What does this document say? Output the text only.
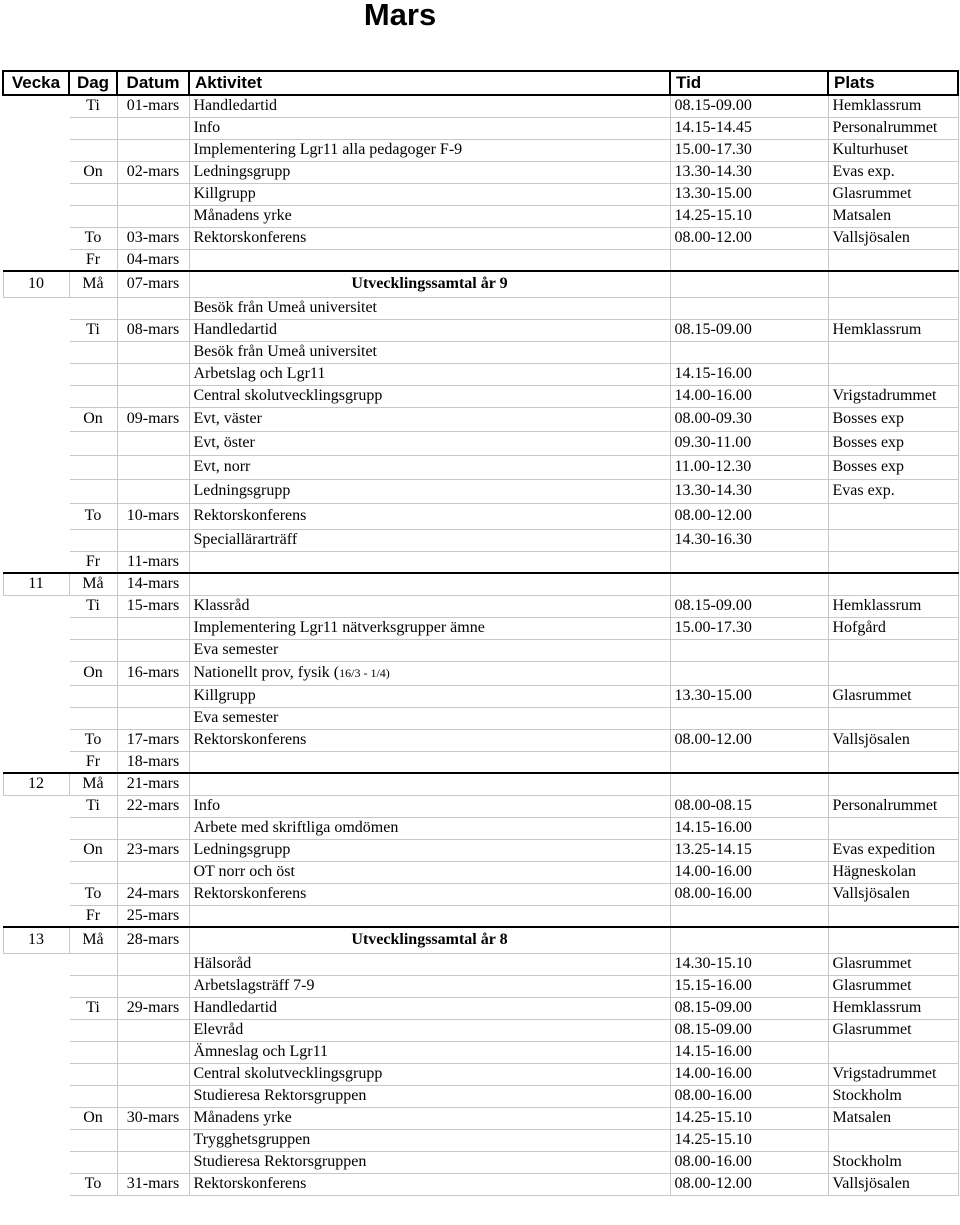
Mars
Vecka	Dag	Datum	Aktivitet	Tid	Plats
	Ti	01-mars	Handledartid	08.15-09.00	Hemklassrum
			Info	14.15-14.45	Personalrummet
			Implementering Lgr11 alla pedagoger F-9	15.00-17.30	Kulturhuset
	On	02-mars	Ledningsgrupp	13.30-14.30	Evas exp.
			Killgrupp	13.30-15.00	Glasrummet
			Månadens yrke	14.25-15.10	Matsalen
	To	03-mars	Rektorskonferens	08.00-12.00	Vallsjösalen
	Fr	04-mars			
10	Må	07-mars	Utvecklingssamtal år 9		
			Besök från Umeå universitet		
	Ti	08-mars	Handledartid	08.15-09.00	Hemklassrum
			Besök från Umeå universitet		
			Arbetslag och Lgr11	14.15-16.00	
			Central skolutvecklingsgrupp	14.00-16.00	Vrigstadrummet
	On	09-mars	Evt, väster	08.00-09.30	Bosses exp
			Evt, öster	09.30-11.00	Bosses exp
			Evt, norr	11.00-12.30	Bosses exp
			Ledningsgrupp	13.30-14.30	Evas exp.
	To	10-mars	Rektorskonferens	08.00-12.00	
			Speciallärarträff	14.30-16.30	
	Fr	11-mars			
11	Må	14-mars			
	Ti	15-mars	Klassråd	08.15-09.00	Hemklassrum
			Implementering Lgr11 nätverksgrupper ämne	15.00-17.30	Hofgård
			Eva semester		
	On	16-mars	Nationellt prov, fysik (16/3 - 1/4)		
			Killgrupp	13.30-15.00	Glasrummet
			Eva semester		
	To	17-mars	Rektorskonferens	08.00-12.00	Vallsjösalen
	Fr	18-mars			
12	Må	21-mars			
	Ti	22-mars	Info	08.00-08.15	Personalrummet
			Arbete med skriftliga omdömen	14.15-16.00	
	On	23-mars	Ledningsgrupp	13.25-14.15	Evas expedition
			OT norr och öst	14.00-16.00	Hägneskolan
	To	24-mars	Rektorskonferens	08.00-16.00	Vallsjösalen
	Fr	25-mars			
13	Må	28-mars	Utvecklingssamtal år 8		
			Hälsoråd	14.30-15.10	Glasrummet
			Arbetslagsträff 7-9	15.15-16.00	Glasrummet
	Ti	29-mars	Handledartid	08.15-09.00	Hemklassrum
			Elevråd	08.15-09.00	Glasrummet
			Ämneslag och Lgr11	14.15-16.00	
			Central skolutvecklingsgrupp	14.00-16.00	Vrigstadrummet
			Studieresa Rektorsgruppen	08.00-16.00	Stockholm
	On	30-mars	Månadens yrke	14.25-15.10	Matsalen
			Trygghetsgruppen	14.25-15.10	
			Studieresa Rektorsgruppen	08.00-16.00	Stockholm
	To	31-mars	Rektorskonferens	08.00-12.00	Vallsjösalen
